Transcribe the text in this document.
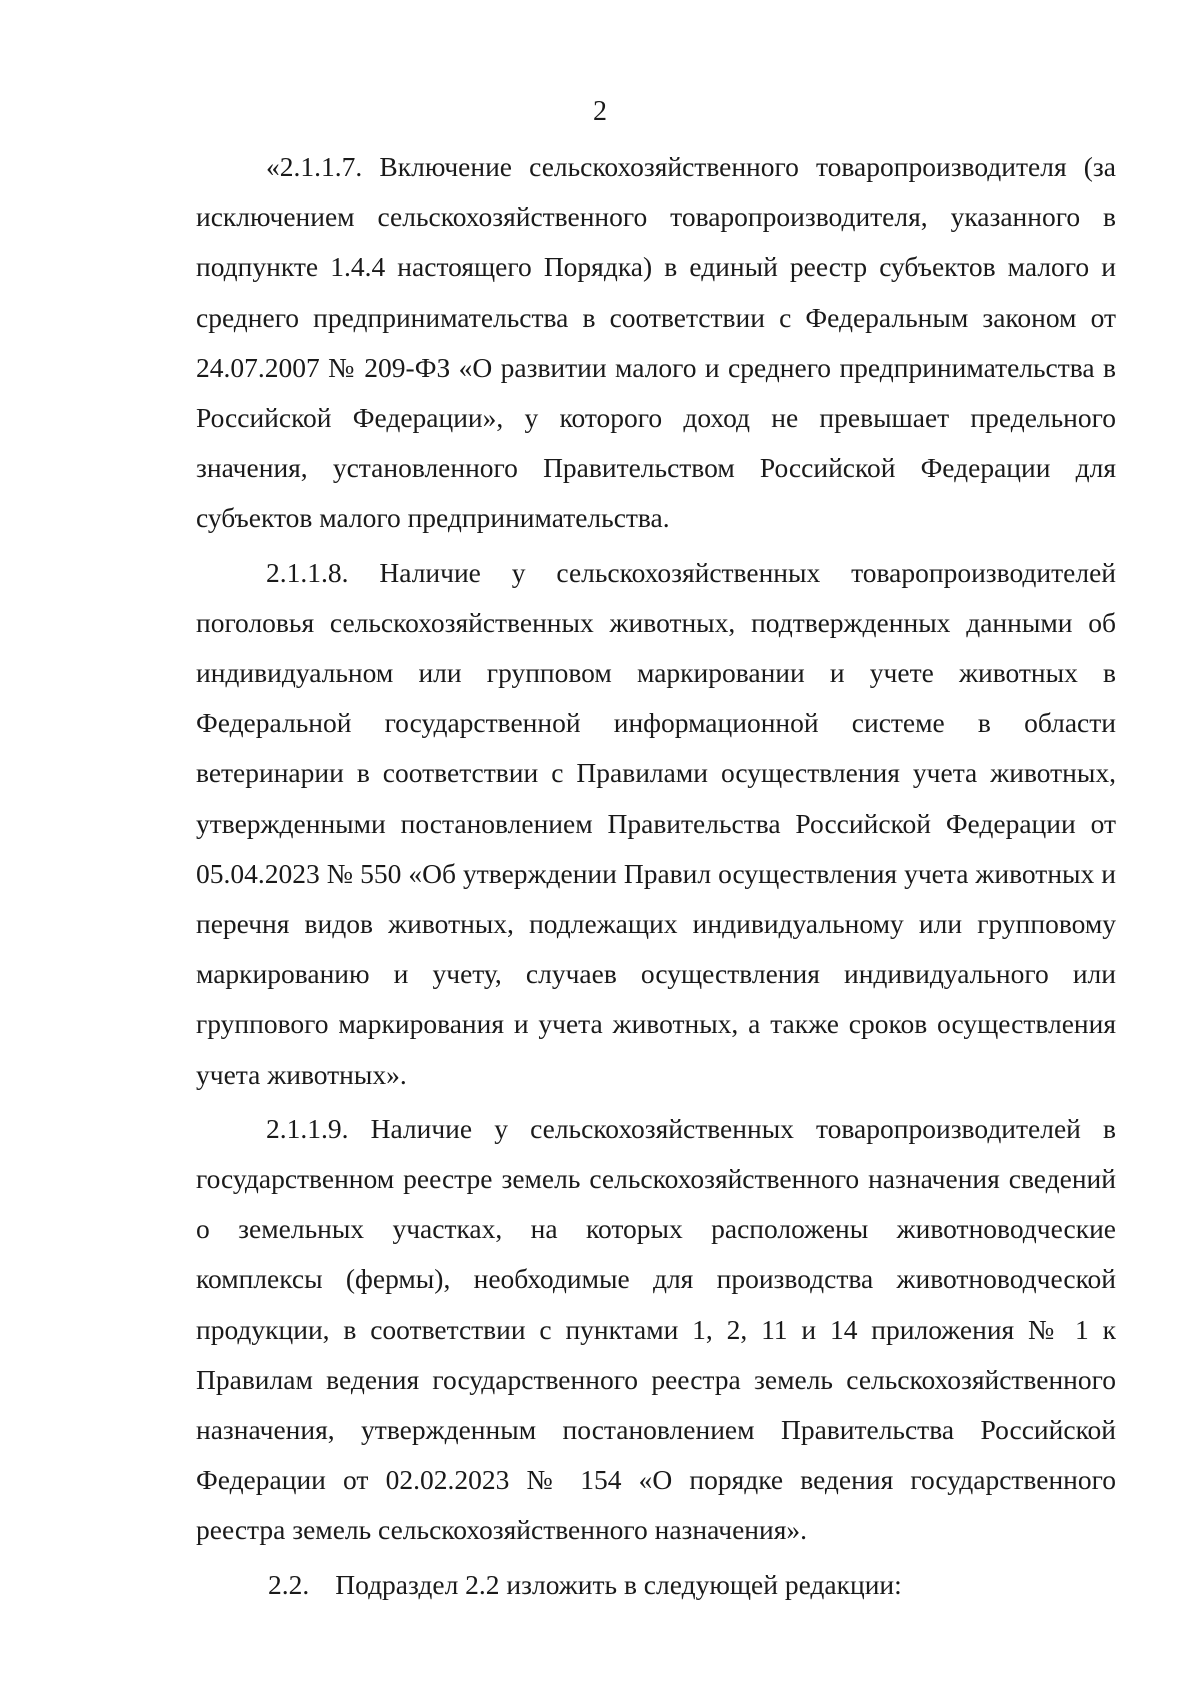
2

«2.1.1.7. Включение сельскохозяйственного товаропроизводителя (за исключением сельскохозяйственного товаропроизводителя, указанного в подпункте 1.4.4 настоящего Порядка) в единый реестр субъектов малого и среднего предпринимательства в соответствии с Федеральным законом от 24.07.2007 № 209-ФЗ «О развитии малого и среднего предпринимательства в Российской Федерации», у которого доход не превышает предельного значения, установленного Правительством Российской Федерации для субъектов малого предпринимательства.

2.1.1.8. Наличие у сельскохозяйственных товаропроизводителей поголовья сельскохозяйственных животных, подтвержденных данными об индивидуальном или групповом маркировании и учете животных в Федеральной государственной информационной системе в области ветеринарии в соответствии с Правилами осуществления учета животных, утвержденными постановлением Правительства Российской Федерации от 05.04.2023 № 550 «Об утверждении Правил осуществления учета животных и перечня видов животных, подлежащих индивидуальному или групповому маркированию и учету, случаев осуществления индивидуального или группового маркирования и учета животных, а также сроков осуществления учета животных».

2.1.1.9. Наличие у сельскохозяйственных товаропроизводителей в государственном реестре земель сельскохозяйственного назначения сведений о земельных участках, на которых расположены животноводческие комплексы (фермы), необходимые для производства животноводческой продукции, в соответствии с пунктами 1, 2, 11 и 14 приложения № 1 к Правилам ведения государственного реестра земель сельскохозяйственного назначения, утвержденным постановлением Правительства Российской Федерации от 02.02.2023 № 154 «О порядке ведения государственного реестра земель сельскохозяйственного назначения».

2.2. Подраздел 2.2 изложить в следующей редакции:
